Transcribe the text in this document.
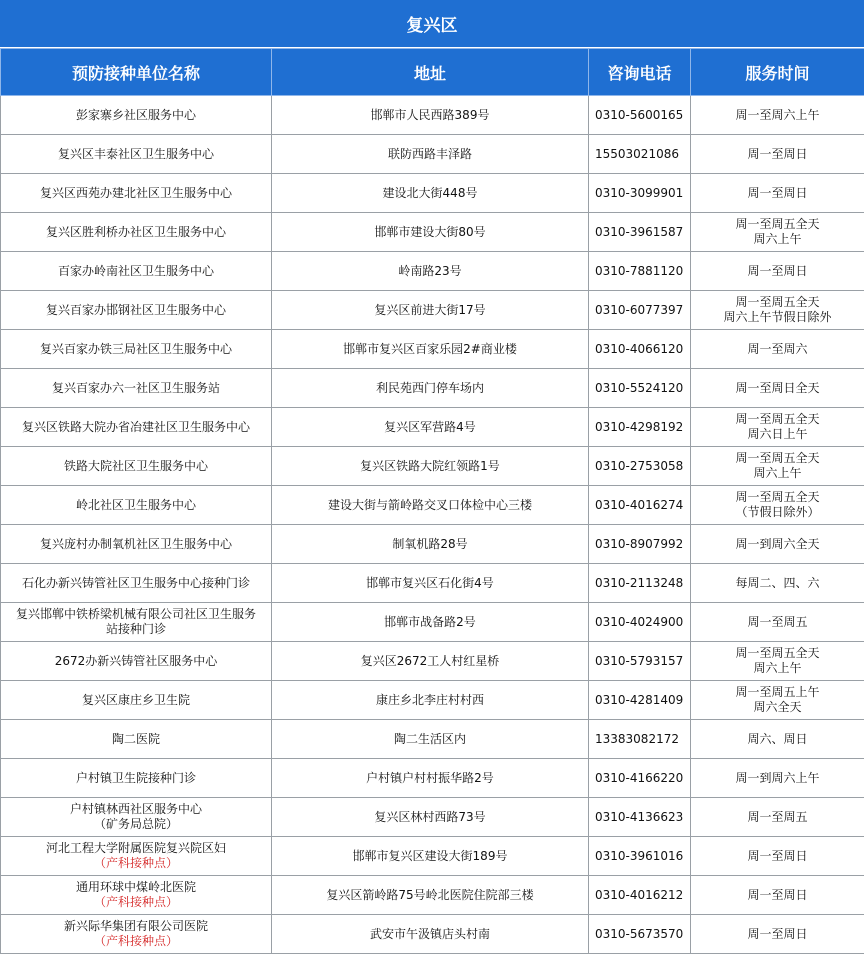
复兴区
预防接种单位名称	地址	咨询电话	服务时间

彭家寨乡社区服务中心	邯郸市人民西路389号	0310-5600165	周一至周六上午

复兴区丰泰社区卫生服务中心	联防西路丰泽路	15503021086	周一至周日

复兴区西苑办建北社区卫生服务中心	建设北大街448号	0310-3099901	周一至周日

复兴区胜利桥办社区卫生服务中心	邯郸市建设大街80号	0310-3961587	周一至周五全天
周六上午

百家办岭南社区卫生服务中心	岭南路23号	0310-7881120	周一至周日

复兴百家办邯钢社区卫生服务中心	复兴区前进大街17号	0310-6077397	周一至周五全天
周六上午节假日除外

复兴百家办铁三局社区卫生服务中心	邯郸市复兴区百家乐园2#商业楼	0310-4066120	周一至周六

复兴百家办六一社区卫生服务站	利民苑西门停车场内	0310-5524120	周一至周日全天

复兴区铁路大院办省冶建社区卫生服务中心	复兴区军营路4号	0310-4298192	周一至周五全天
周六日上午

铁路大院社区卫生服务中心	复兴区铁路大院红领路1号	0310-2753058	周一至周五全天
周六上午

岭北社区卫生服务中心	建设大街与箭岭路交叉口体检中心三楼	0310-4016274	周一至周五全天
（节假日除外）

复兴庞村办制氧机社区卫生服务中心	制氧机路28号	0310-8907992	周一到周六全天

石化办新兴铸管社区卫生服务中心接种门诊	邯郸市复兴区石化街4号	0310-2113248	每周二、四、六

复兴邯郸中铁桥梁机械有限公司社区卫生服务
站接种门诊	邯郸市战备路2号	0310-4024900	周一至周五

2672办新兴铸管社区服务中心	复兴区2672工人村红星桥	0310-5793157	周一至周五全天
周六上午

复兴区康庄乡卫生院	康庄乡北李庄村村西	0310-4281409	周一至周五上午
周六全天

陶二医院	陶二生活区内	13383082172	周六、周日

户村镇卫生院接种门诊	户村镇户村村振华路2号	0310-4166220	周一到周六上午

户村镇林西社区服务中心
（矿务局总院）	复兴区林村西路73号	0310-4136623	周一至周五

河北工程大学附属医院复兴院区妇
（产科接种点）	邯郸市复兴区建设大街189号	0310-3961016	周一至周日

通用环球中煤岭北医院
（产科接种点）	复兴区箭岭路75号岭北医院住院部三楼	0310-4016212	周一至周日

新兴际华集团有限公司医院
（产科接种点）	武安市午汲镇店头村南	0310-5673570	周一至周日
